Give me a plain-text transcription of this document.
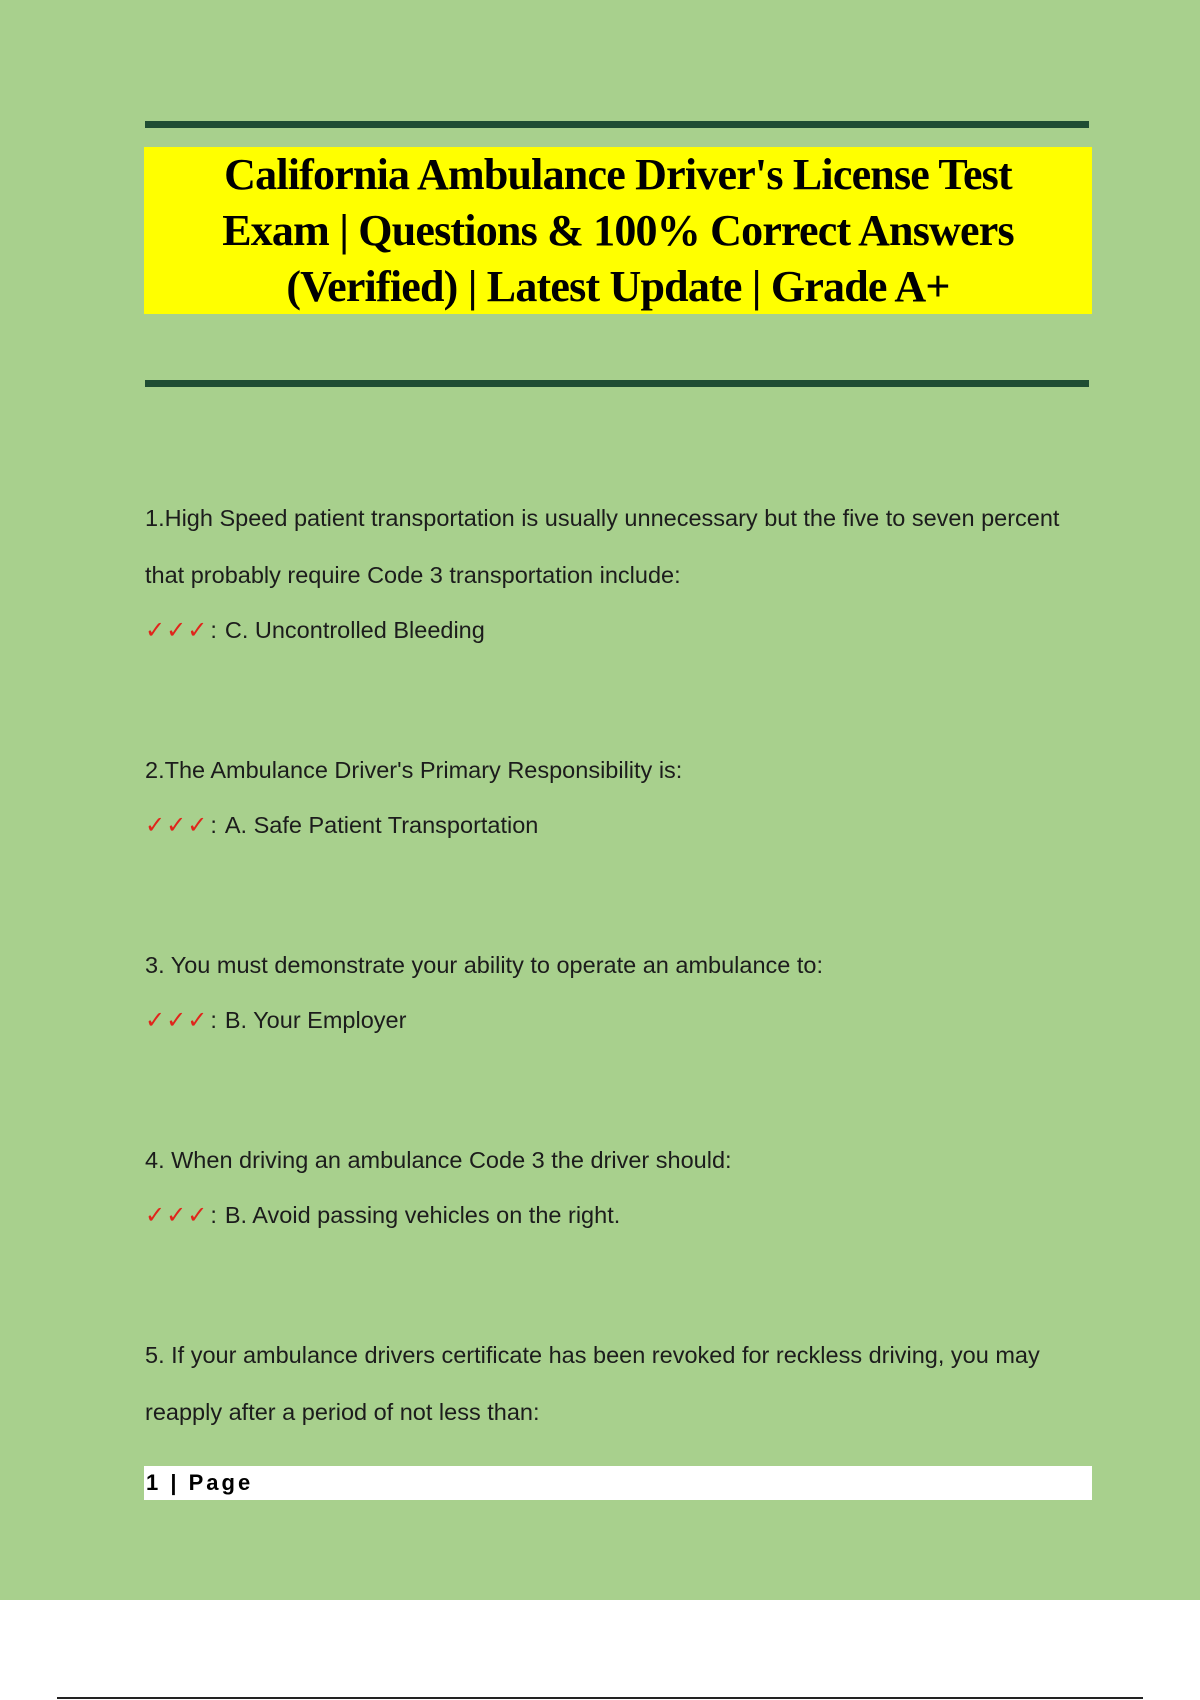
California Ambulance Driver's License Test Exam | Questions & 100% Correct Answers (Verified) | Latest Update | Grade A+

1.High Speed patient transportation is usually unnecessary but the five to seven percent that probably require Code 3 transportation include:

✓✓✓ : C. Uncontrolled Bleeding

2.The Ambulance Driver's Primary Responsibility is:

✓✓✓ : A. Safe Patient Transportation

3. You must demonstrate your ability to operate an ambulance to:

✓✓✓ : B. Your Employer

4. When driving an ambulance Code 3 the driver should:

✓✓✓ : B. Avoid passing vehicles on the right.

5. If your ambulance drivers certificate has been revoked for reckless driving, you may reapply after a period of not less than:

1 | Page
